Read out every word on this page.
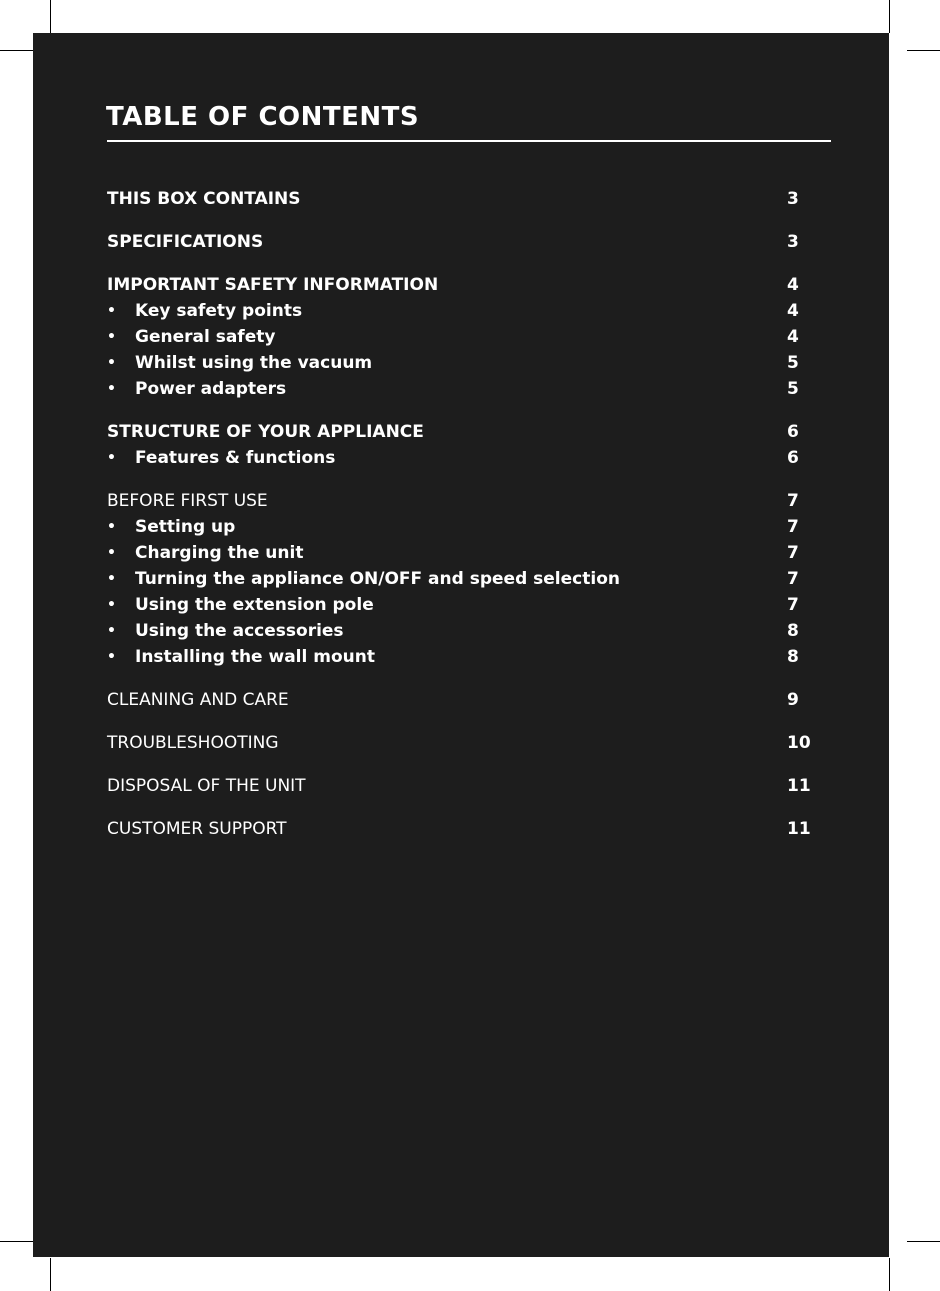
TABLE OF CONTENTS
THIS BOX CONTAINS	3
SPECIFICATIONS	3
IMPORTANT SAFETY INFORMATION	4
•	Key safety points	4
•	General safety	4
•	Whilst using the vacuum	5
•	Power adapters	5
STRUCTURE OF YOUR APPLIANCE	6
•	Features & functions	6
BEFORE FIRST USE	7
•	Setting up	7
•	Charging the unit	7
•	Turning the appliance ON/OFF and speed selection	7
•	Using the extension pole	7
•	Using the accessories	8
•	Installing the wall mount	8
CLEANING AND CARE	9
TROUBLESHOOTING	10
DISPOSAL OF THE UNIT	11
CUSTOMER SUPPORT	11
